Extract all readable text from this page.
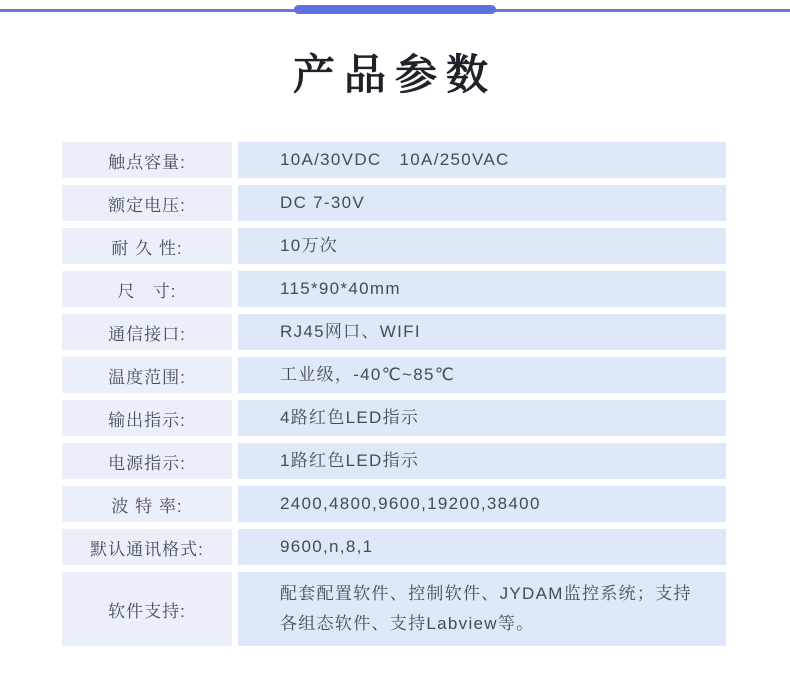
产品参数
触点容量:	10A/30VDC   10A/250VAC
额定电压:	DC 7-30V
耐 久 性:	10万次
尺   寸:	115*90*40mm
通信接口:	RJ45网口、WIFI
温度范围:	工业级，-40℃~85℃
输出指示:	4路红色LED指示
电源指示:	1路红色LED指示
波 特 率:	2400,4800,9600,19200,38400
默认通讯格式:	9600,n,8,1
软件支持:
配套配置软件、控制软件、JYDAM监控系统；支持各组态软件、支持Labview等。
